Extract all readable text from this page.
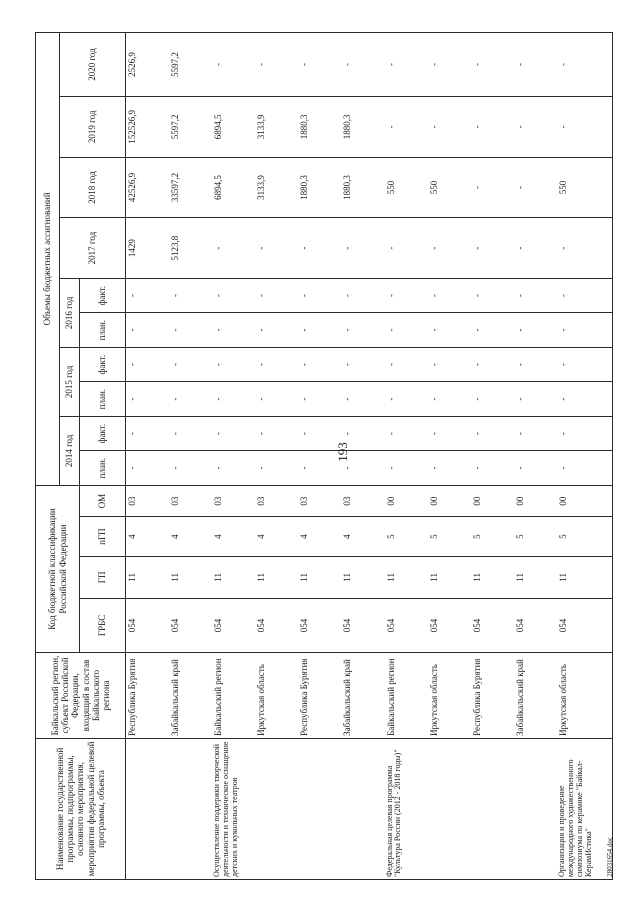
193
28031654.doc
Наименование государственной программы, подпрограммы, основного мероприятия, мероприятия федеральной целевой программы, объекта	Байкальский регион, субъект Российской Федерации, входящий в состав Байкальского региона	Код бюджетной классификации Российской Федерации				Объемы бюджетных ассигнований									
						2014 год		2015 год		2016 год		2017 год	2018 год	2019 год	2020 год
		ГРБС	ГП	пГП	ОМ	план.	факт.	план.	факт.	план.	факт.				
	Республика Бурятия	054	11	4	03	-	-	-	-	-	-	1429	42526,9	152526,9	2526,9
	Забайкальский край	054	11	4	03	-	-	-	-	-	-	5123,8	33597,2	5597,2	5597,2
Осуществление поддержки творческой деятельности и техническое оснащение детских и кукольных театров	Байкальский регион	054	11	4	03	-	-	-	-	-	-	-	6894,5	6894,5	-
	Иркутская область	054	11	4	03	-	-	-	-	-	-	-	3133,9	3133,9	-
	Республика Бурятия	054	11	4	03	-	-	-	-	-	-	-	1880,3	1880,3	-
	Забайкальский край	054	11	4	03	-	-	-	-	-	-	-	1880,3	1880,3	-
Федеральная целевая программа "Культура России (2012 - 2018 годы)"	Байкальский регион	054	11	5	00	-	-	-	-	-	-	-	550	-	-
	Иркутская область	054	11	5	00	-	-	-	-	-	-	-	550	-	-
	Республика Бурятия	054	11	5	00	-	-	-	-	-	-	-	-	-	-
	Забайкальский край	054	11	5	00	-	-	-	-	-	-	-	-	-	-
Организация и проведение международного художественного симпозиума по керамике "Байкал-КерамИстика"	Иркутская область	054	11	5	00	-	-	-	-	-	-	-	550	-	-
